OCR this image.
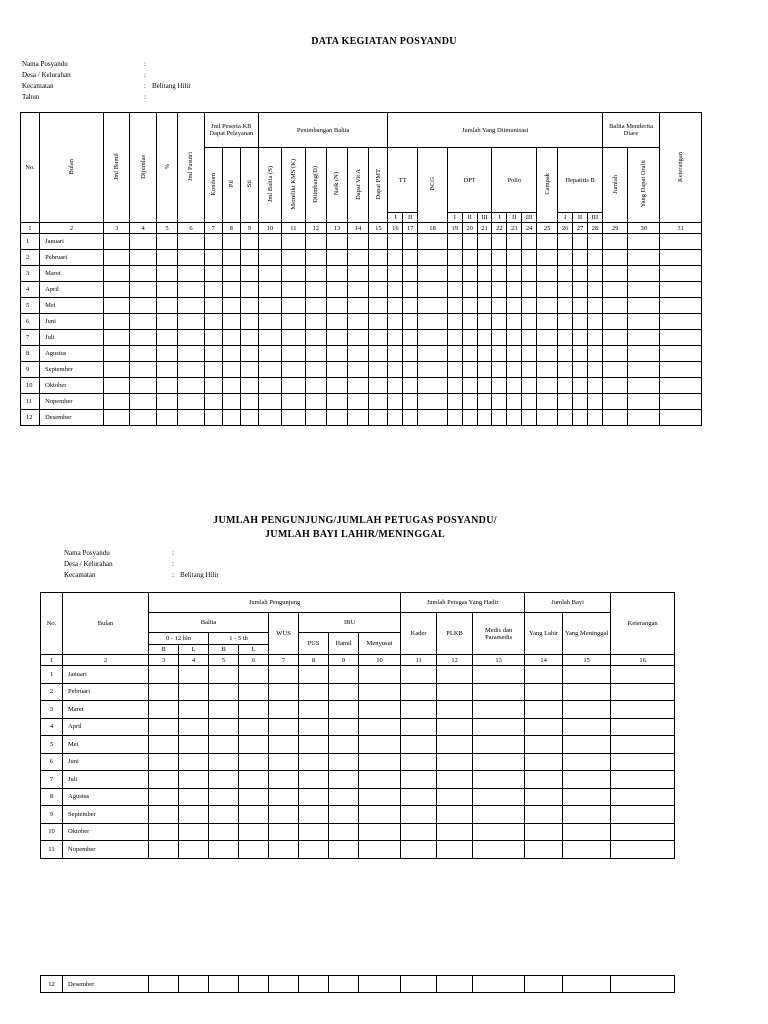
DATA KEGIATAN POSYANDU
Nama Posyandu	:
Desa / Kelurahan	:
Kecamatan	: Belitang Hilir
Tahun	:
No.	Bulan	Jml Bumil	Dijumlas	%	Jml Pasutri	Jml Peserta KB Dapat Pelayanan			Penimbangan Balita						Jumlah Yang Diimunisasi													Balita Menderita Diare		Keterangan
						Kondom	Pil	Sti	Jml Balita (S)	Memiliki KMS (K)	Ditimbang(D)	Naik (N)	Dapat Vit A	Dapat PMT	TT		BCG	DPT			Polio			Campak	Hepatitis B			Jumlah	Yang Dapat Oralit	
															I	II		I	II	III	I	II	III		I	II	III			
1	2	3	4	5	6	7	8	9	10	11	12	13	14	15	16	17	18	19	20	21	22	23	24	25	26	27	28	29	30	31
1	Januari																													
2	Pebruari																													
3	Maret																													
4	April																													
5	Mei																													
6	Juni																													
7	Juli																													
8	Agustus																													
9	September																													
10	Oktober																													
11	Nopember																													
12	Desember																													
JUMLAH PENGUNJUNG/JUMLAH PETUGAS POSYANDU/
JUMLAH BAYI LAHIR/MENINGGAL
Nama Posyandu	:
Desa / Kelurahan	:
Kecamatan	: Belitang Hilir
No.	Bulan	Jumlah Pengunjung								Jumlah Petugas Yang Hadir			Jumlah Bayi		Keterangan
		Balita				WUS	IBU			Kader	PLKB	Medis dan Paramedis	Yang Lahir	Yang Meninggal	
		0 - 12 bln		1 - 5 th			PUS	Hamil	Menyusui						
		B	L	B	L										
1	2	3	4	5	6	7	8	9	10	11	12	13	14	15	16
1	Januari														
2	Pebruari														
3	Maret														
4	April														
5	Mei														
6	Juni														
7	Juli														
8	Agustus														
9	September														
10	Oktober														
11	Nopember														
12	Desember														
